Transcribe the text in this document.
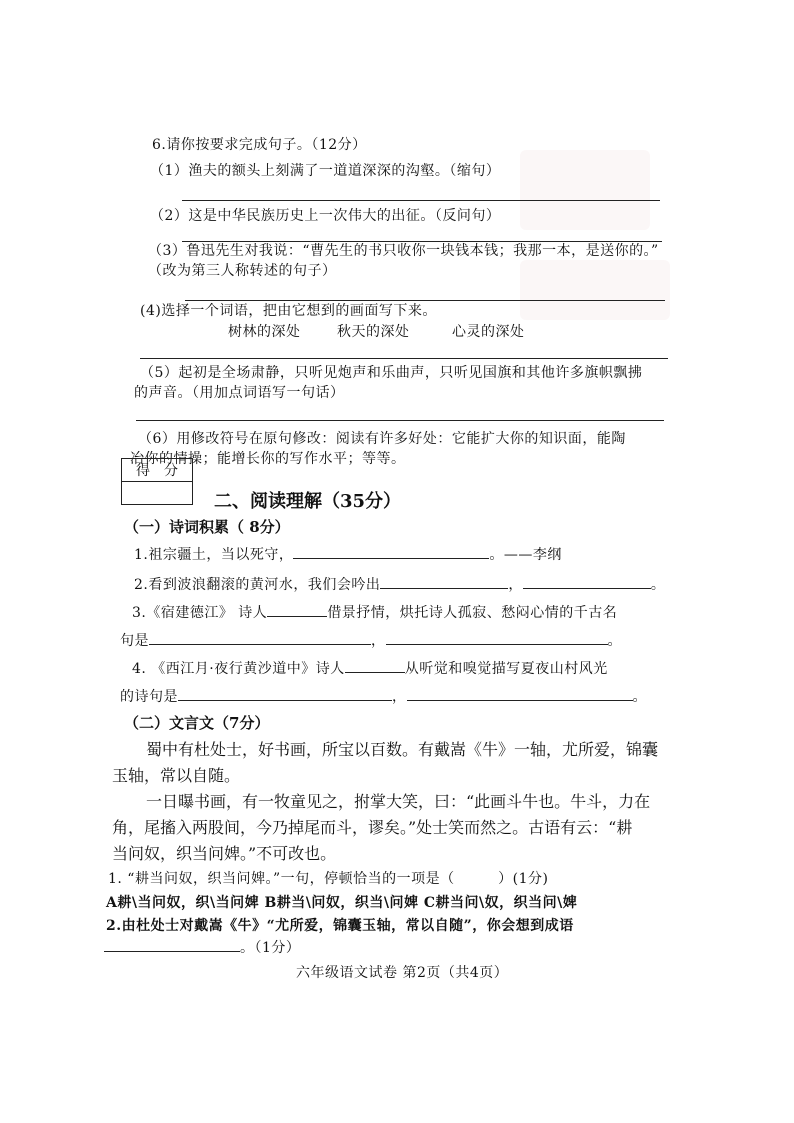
6.请你按要求完成句子。（12分）
（1）渔夫的额头上刻满了一道道深深的沟壑。（缩句）
（2）这是中华民族历史上一次伟大的出征。（反问句）
（3）鲁迅先生对我说：“曹先生的书只收你一块钱本钱；我那一本，是送你的。”
（改为第三人称转述的句子）
(4)选择一个词语，把由它想到的画面写下来。
树林的深处	秋天的深处	心灵的深处
（5）起初是全场肃静，只听见炮声和乐曲声，只听见国旗和其他许多旗帜飘拂
的声音。（用加点词语写一句话）
（6）用修改符号在原句修改：阅读有许多好处：它能扩大你的知识面，能陶
冶你的情操；能增长你的写作水平；等等。
得　分

二、阅读理解（35分）
（一）诗词积累（ 8分）
1.祖宗疆土，当以死守，	。——李纲
2.看到波浪翻滚的黄河水，我们会吟出	，	。
3.《宿建德江》 诗人	借景抒情，烘托诗人孤寂、愁闷心情的千古名
句是	，	。
4. 《西江月·夜行黄沙道中》诗人	从听觉和嗅觉描写夏夜山村风光
的诗句是	，	。
（二）文言文（7分）
蜀中有杜处士，好书画，所宝以百数。有戴嵩《牛》一轴，尤所爱，锦囊
玉轴，常以自随。
一日曝书画，有一牧童见之，拊掌大笑，曰：“此画斗牛也。牛斗，力在
角，尾搐入两股间，今乃掉尾而斗，谬矣。”处士笑而然之。古语有云：“耕
当问奴，织当问婢。”不可改也。
1. “耕当问奴，织当问婢。”一句，停顿恰当的一项是（　　　）(1分)
A耕\当问奴，织\当问婢 B耕当\问奴，织当\问婢 C耕当问\奴，织当问\婢
2.由杜处士对戴嵩《牛》“尤所爱，锦囊玉轴，常以自随”，你会想到成语
。（1分）
六年级语文试卷 第2页（共4页）
